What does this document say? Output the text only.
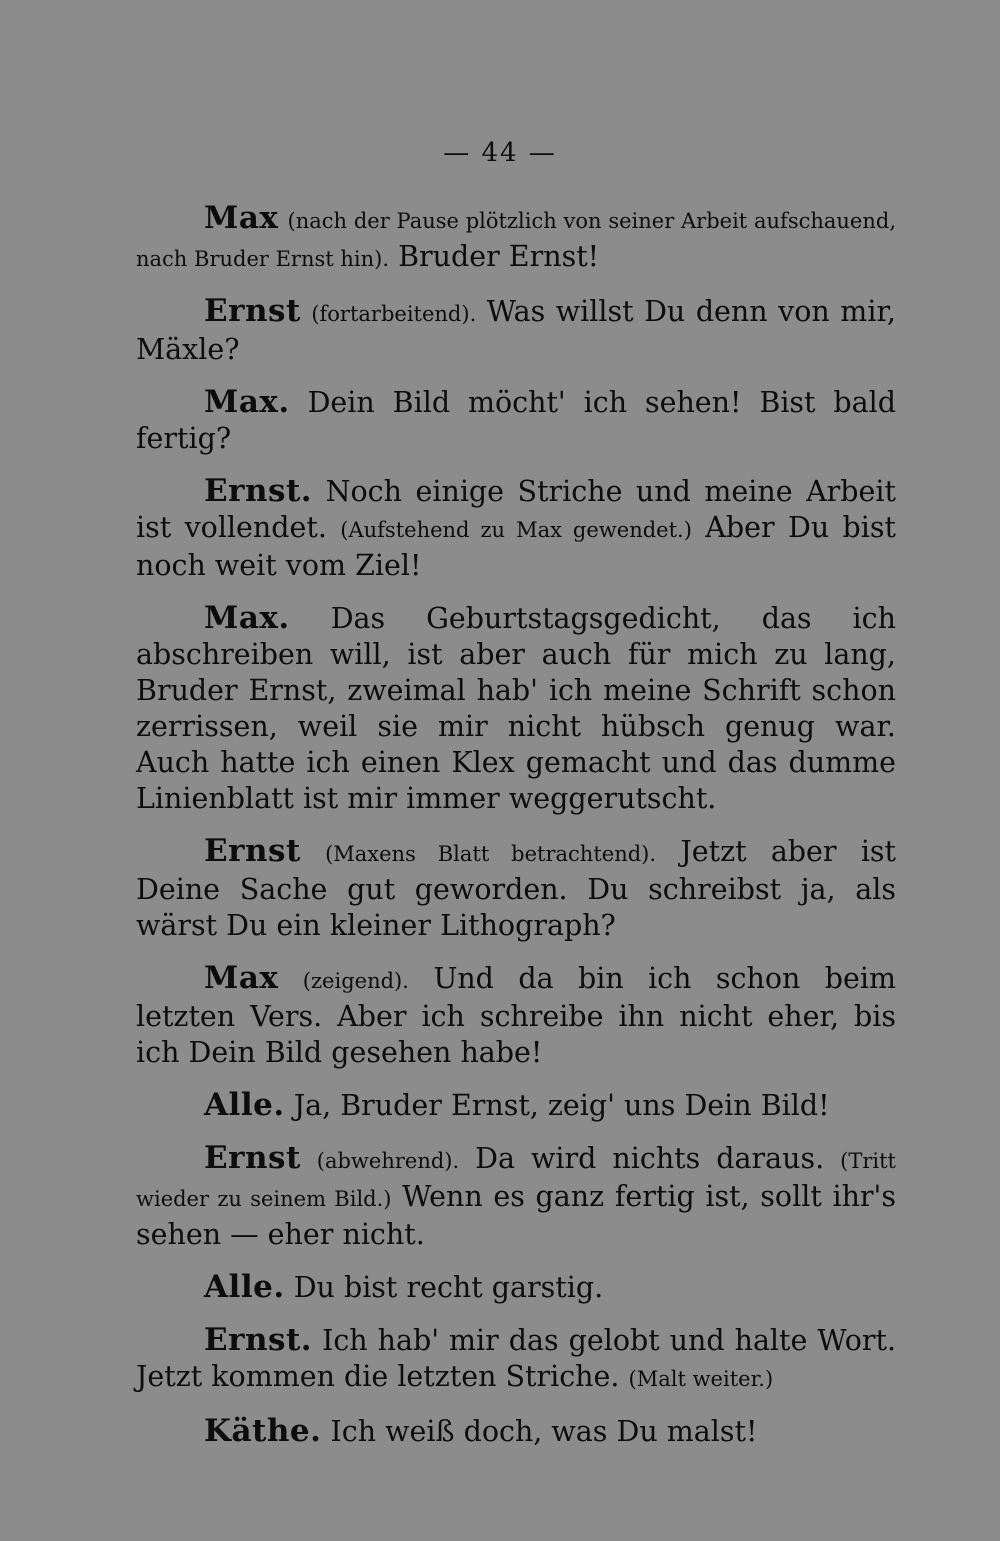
— 44 —

Max (nach der Pause plötzlich von seiner Arbeit aufschauend, nach Bruder Ernst hin). Bruder Ernst!

Ernst (fortarbeitend). Was willst Du denn von mir, Mäxle?

Max. Dein Bild möcht' ich sehen! Bist bald fertig?

Ernst. Noch einige Striche und meine Arbeit ist vollendet. (Aufstehend zu Max gewendet.) Aber Du bist noch weit vom Ziel!

Max. Das Geburtstagsgedicht, das ich abschreiben will, ist aber auch für mich zu lang, Bruder Ernst, zweimal hab' ich meine Schrift schon zerrissen, weil sie mir nicht hübsch genug war. Auch hatte ich einen Klex gemacht und das dumme Linienblatt ist mir immer weggerutscht.

Ernst (Maxens Blatt betrachtend). Jetzt aber ist Deine Sache gut geworden. Du schreibst ja, als wärst Du ein kleiner Lithograph?

Max (zeigend). Und da bin ich schon beim letzten Vers. Aber ich schreibe ihn nicht eher, bis ich Dein Bild gesehen habe!

Alle. Ja, Bruder Ernst, zeig' uns Dein Bild!

Ernst (abwehrend). Da wird nichts daraus. (Tritt wieder zu seinem Bild.) Wenn es ganz fertig ist, sollt ihr's sehen — eher nicht.

Alle. Du bist recht garstig.

Ernst. Ich hab' mir das gelobt und halte Wort. Jetzt kommen die letzten Striche. (Malt weiter.)

Käthe. Ich weiß doch, was Du malst!
